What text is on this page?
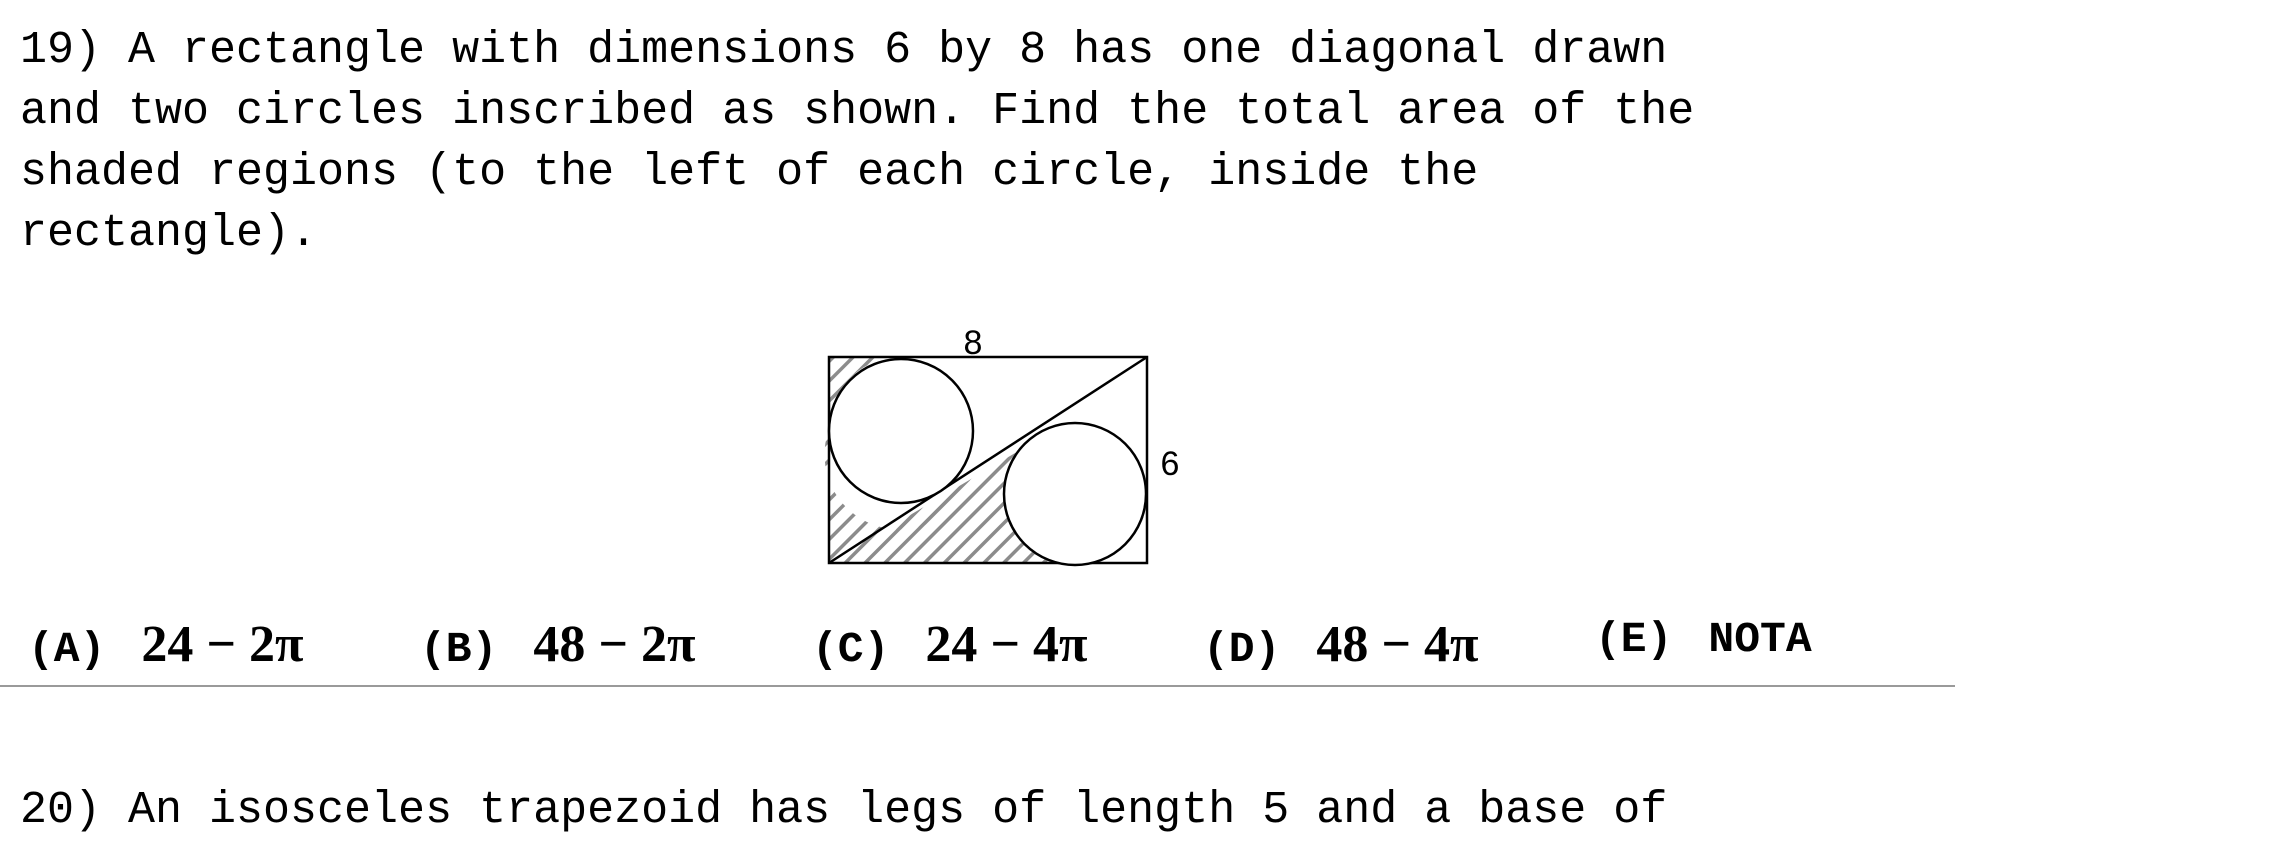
19) A rectangle with dimensions 6 by 8 has one diagonal drawn
and two circles inscribed as shown. Find the total area of the
shaded regions (to the left of each circle, inside the
rectangle).
8
6
(A) 24 − 2π	(B) 48 − 2π	(C) 24 − 4π	(D) 48 − 4π	(E) NOTA
20) An isosceles trapezoid has legs of length 5 and a base of
